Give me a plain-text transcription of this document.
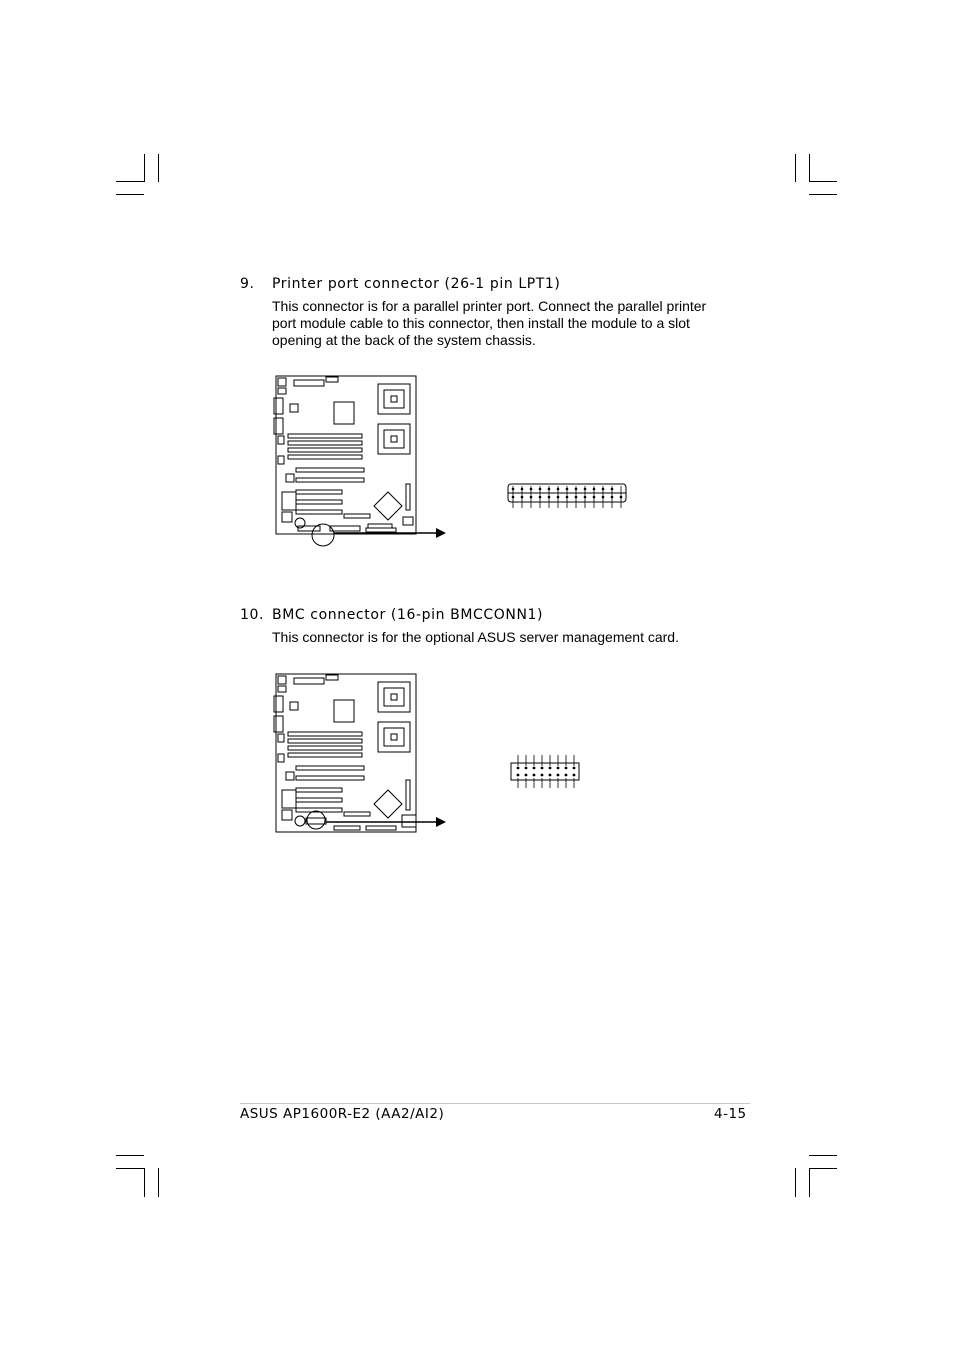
9. Printer port connector (26-1 pin LPT1)
This connector is for a parallel printer port. Connect the parallel printer port module cable to this connector, then install the module to a slot opening at the back of the system chassis.
10. BMC connector (16-pin BMCCONN1)
This connector is for the optional ASUS server management card.
ASUS AP1600R-E2 (AA2/AI2)	4-15
